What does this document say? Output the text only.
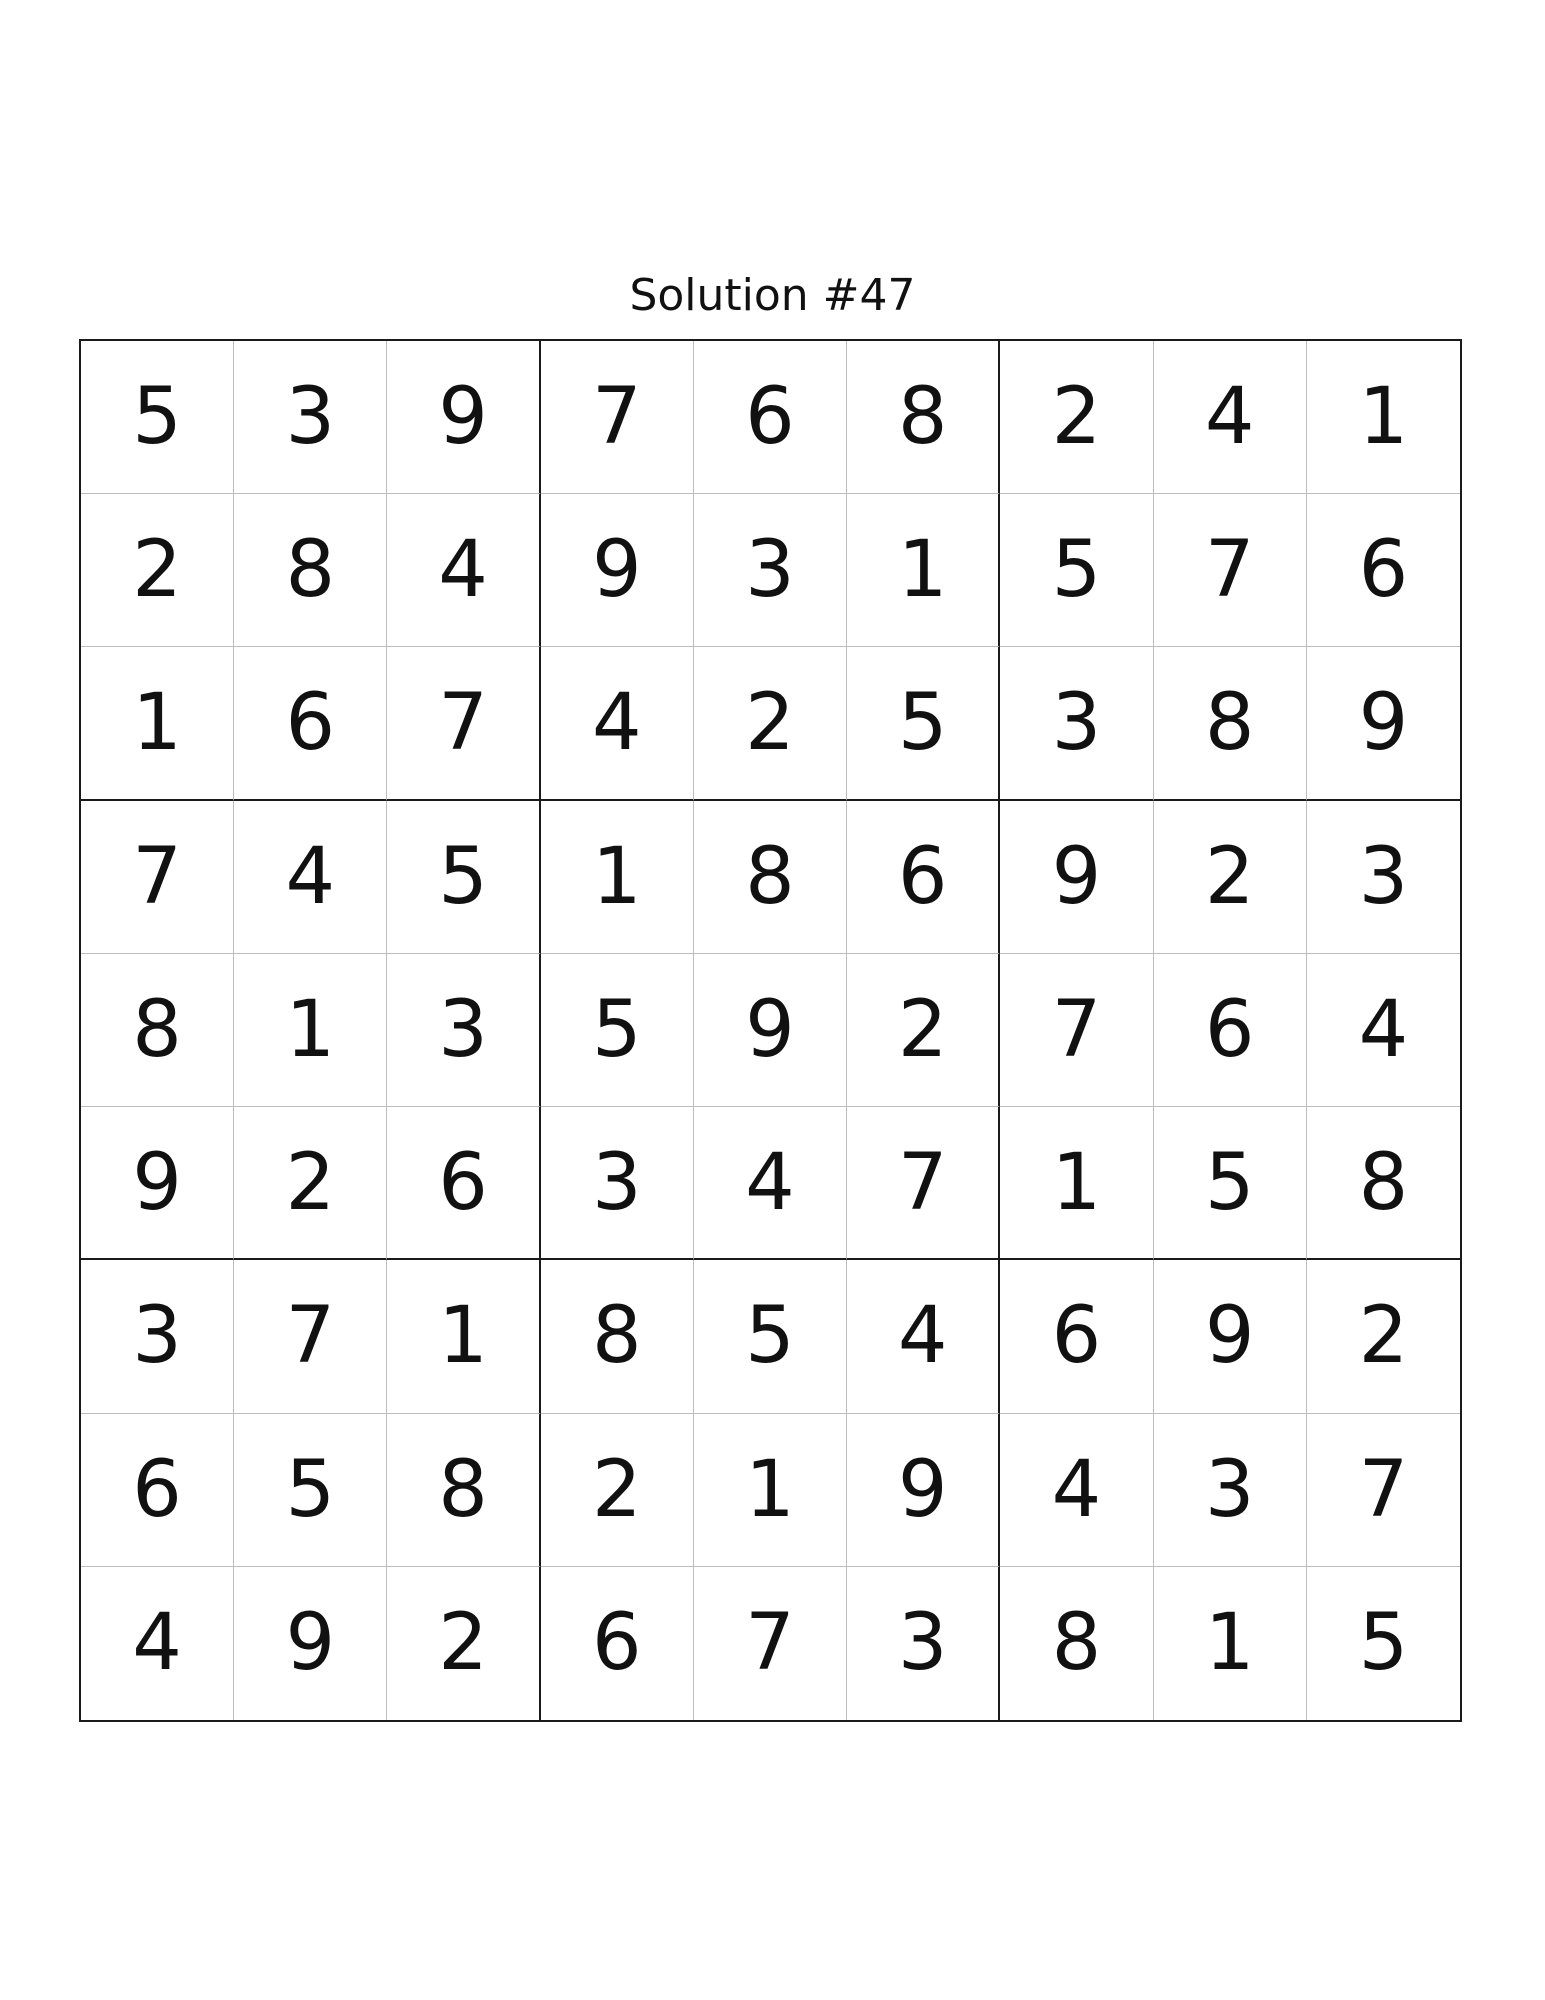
Solution #47
5	3	9	7	6	8	2	4	1
2	8	4	9	3	1	5	7	6
1	6	7	4	2	5	3	8	9
7	4	5	1	8	6	9	2	3
8	1	3	5	9	2	7	6	4
9	2	6	3	4	7	1	5	8
3	7	1	8	5	4	6	9	2
6	5	8	2	1	9	4	3	7
4	9	2	6	7	3	8	1	5
